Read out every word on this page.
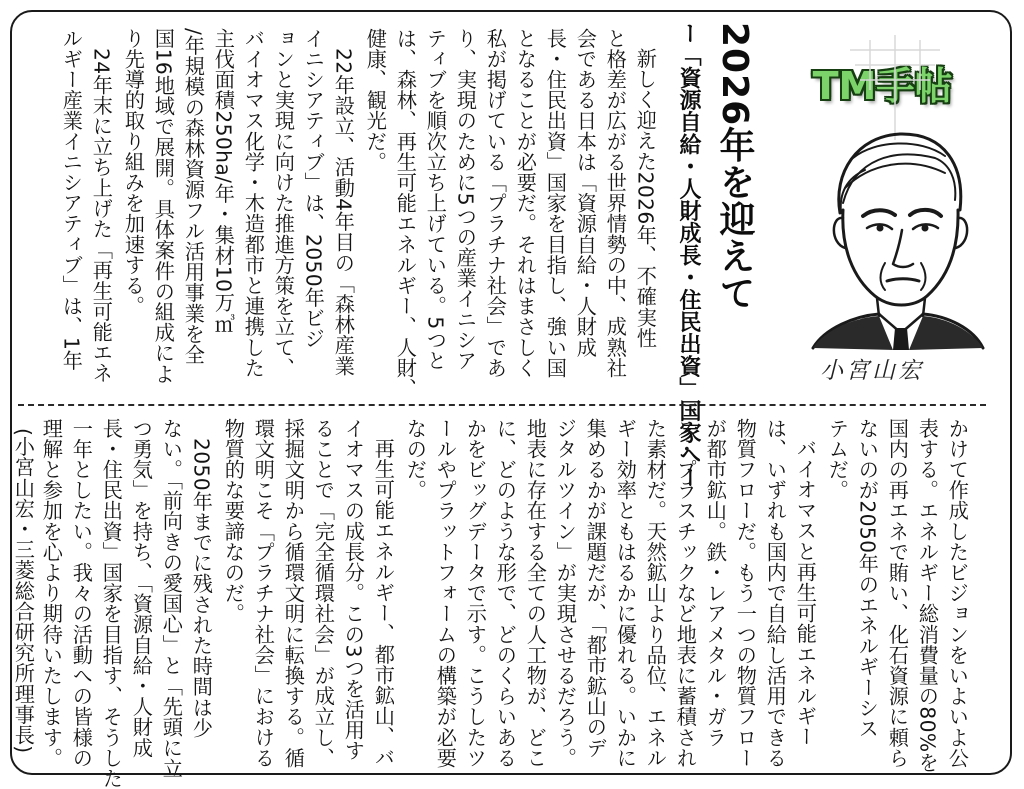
TM手帖
小宮山宏
2026年を迎えて
ー「資源自給・人財成長・住民出資」国家へー
新しく迎えた2026年、不確実性
と格差が広がる世界情勢の中、成熟社
会である日本は「資源自給・人財成
長・住民出資」国家を目指し、強い国
となることが必要だ。それはまさしく
私が掲げている「プラチナ社会」であ
り、実現のために5つの産業イニシア
ティブを順次立ち上げている。5つと
は、森林、再生可能エネルギー、人財、
健康、観光だ。
22年設立、活動4年目の「森林産業
イニシアティブ」は、2050年ビジ
ョンと実現に向けた推進方策を立て、
バイオマス化学・木造都市と連携した
主伐面積250ha/年・集材10万㎥
/年規模の森林資源フル活用事業を全
国16地域で展開。具体案件の組成によ
り先導的取り組みを加速する。
24年末に立ち上げた「再生可能エネ
ルギー産業イニシアティブ」は、1年
かけて作成したビジョンをいよいよ公
表する。エネルギー総消費量の80%を
国内の再エネで賄い、化石資源に頼ら
ないのが2050年のエネルギーシス
テムだ。
バイオマスと再生可能エネルギー
は、いずれも国内で自給し活用できる
物質フローだ。もう一つの物質フロー
が都市鉱山。鉄・レアメタル・ガラ
ス・プラスチックなど地表に蓄積され
た素材だ。天然鉱山より品位、エネル
ギー効率ともはるかに優れる。いかに
集めるかが課題だが、「都市鉱山のデ
ジタルツイン」が実現させるだろう。
地表に存在する全ての人工物が、どこ
に、どのような形で、どのくらいある
かをビッグデータで示す。こうしたツ
ールやプラットフォームの構築が必要
なのだ。
再生可能エネルギー、都市鉱山、バ
イオマスの成長分。この3つを活用す
ることで「完全循環社会」が成立し、
採掘文明から循環文明に転換する。循
環文明こそ「プラチナ社会」における
物質的な要諦なのだ。
2050年までに残された時間は少
ない。「前向きの愛国心」と「先頭に立
つ勇気」を持ち、「資源自給・人財成
長・住民出資」国家を目指す、そうした
一年としたい。我々の活動への皆様の
理解と参加を心より期待いたします。
(小宮山宏・三菱総合研究所理事長)
